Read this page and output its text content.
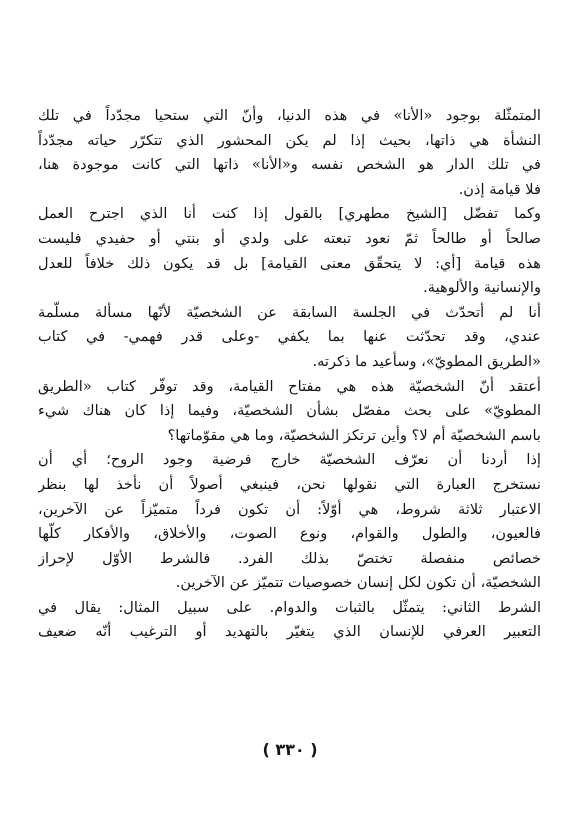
المتمثّلة بوجود «الأنا» في هذه الدنيا، وأنّ التي ستحيا مجدّداً في تلك
النشأة هي ذاتها، بحيث إذا لم يكن المحشور الذي تتكرّر حياته مجدّداً
في تلك الدار هو الشخص نفسه و«الأنا» ذاتها التي كانت موجودة هنا،
فلا قيامة إذن.
وكما تفضّل [الشيخ مطهري] بالقول إذا كنت أنا الذي اجترح العمل
صالحاً أو طالحاً ثمّ نعود تبعته على ولدي أو بنتي أو حفيدي فليست
هذه قيامة [أي: لا يتحقّق معنى القيامة] بل قد يكون ذلك خلافاً للعدل
والإنسانية والألوهية.
أنا لم أتحدّث في الجلسة السابقة عن الشخصيّة لأنّها مسألة مسلّمة
عندي، وقد تحدّثت عنها بما يكفي -وعلى قدر فهمي- في كتاب
«الطريق المطويّ»، وسأعيد ما ذكرته.
أعتقد أنّ الشخصيّة هذه هي مفتاح القيامة، وقد توفّر كتاب «الطريق
المطويّ» على بحث مفصّل بشأن الشخصيّة، وفيما إذا كان هناك شيء
باسم الشخصيّة أم لا؟ وأين ترتكز الشخصيّة، وما هي مقوّماتها؟
إذا أردنا أن نعرّف الشخصيّة خارج فرضية وجود الروح؛ أي أن
نستخرج العبارة التي نقولها نحن، فينبغي أصولاً أن نأخذ لها بنظر
الاعتبار ثلاثة شروط، هي أوّلاً: أن تكون فرداً متميّزاً عن الآخرين،
فالعيون، والطول والقوام، ونوع الصوت، والأخلاق، والأفكار كلّها
خصائص منفصلة تختصّ بذلك الفرد. فالشرط الأوّل لإحراز
الشخصيّة، أن تكون لكل إنسان خصوصيات تتميّز عن الآخرين.
الشرط الثاني: يتمثّل بالثبات والدوام. على سبيل المثال: يقال في
التعبير العرفي للإنسان الذي يتغيّر بالتهديد أو الترغيب أنّه ضعيف
( ٣٣٠ )
